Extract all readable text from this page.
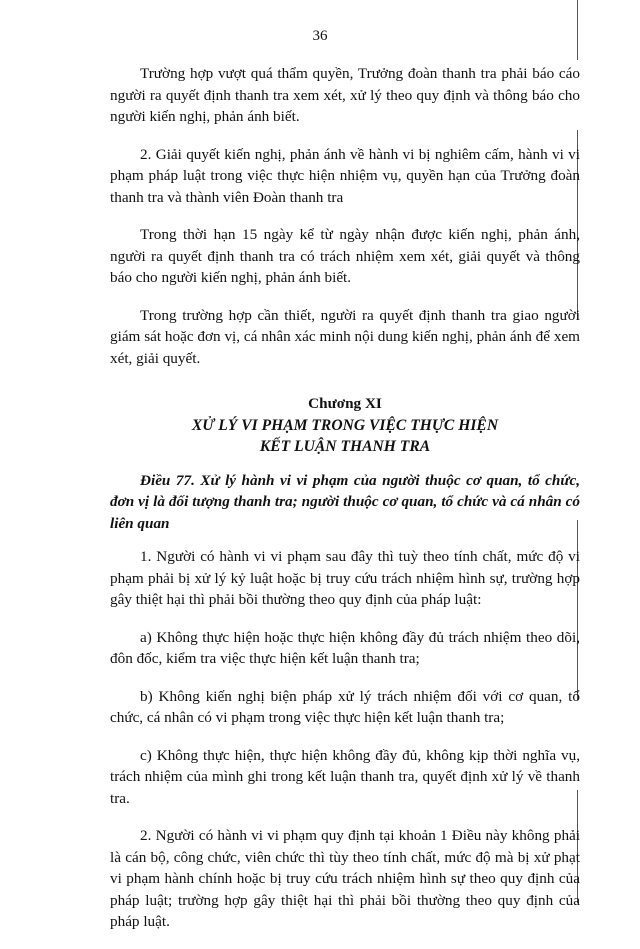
36

Trường hợp vượt quá thẩm quyền, Trưởng đoàn thanh tra phải báo cáo người ra quyết định thanh tra xem xét, xử lý theo quy định và thông báo cho người kiến nghị, phản ánh biết.

2. Giải quyết kiến nghị, phản ánh về hành vi bị nghiêm cấm, hành vi vi phạm pháp luật trong việc thực hiện nhiệm vụ, quyền hạn của Trưởng đoàn thanh tra và thành viên Đoàn thanh tra

Trong thời hạn 15 ngày kể từ ngày nhận được kiến nghị, phản ánh, người ra quyết định thanh tra có trách nhiệm xem xét, giải quyết và thông báo cho người kiến nghị, phản ánh biết.

Trong trường hợp cần thiết, người ra quyết định thanh tra giao người giám sát hoặc đơn vị, cá nhân xác minh nội dung kiến nghị, phản ánh để xem xét, giải quyết.

Chương XI
XỬ LÝ VI PHẠM TRONG VIỆC THỰC HIỆN
KẾT LUẬN THANH TRA

Điều 77. Xử lý hành vi vi phạm của người thuộc cơ quan, tổ chức, đơn vị là đối tượng thanh tra; người thuộc cơ quan, tổ chức và cá nhân có liên quan

1. Người có hành vi vi phạm sau đây thì tuỳ theo tính chất, mức độ vi phạm phải bị xử lý kỷ luật hoặc bị truy cứu trách nhiệm hình sự, trường hợp gây thiệt hại thì phải bồi thường theo quy định của pháp luật:

a) Không thực hiện hoặc thực hiện không đầy đủ trách nhiệm theo dõi, đôn đốc, kiểm tra việc thực hiện kết luận thanh tra;

b) Không kiến nghị biện pháp xử lý trách nhiệm đối với cơ quan, tổ chức, cá nhân có vi phạm trong việc thực hiện kết luận thanh tra;

c) Không thực hiện, thực hiện không đầy đủ, không kịp thời nghĩa vụ, trách nhiệm của mình ghi trong kết luận thanh tra, quyết định xử lý về thanh tra.

2. Người có hành vi vi phạm quy định tại khoản 1 Điều này không phải là cán bộ, công chức, viên chức thì tùy theo tính chất, mức độ mà bị xử phạt vi phạm hành chính hoặc bị truy cứu trách nhiệm hình sự theo quy định của pháp luật; trường hợp gây thiệt hại thì phải bồi thường theo quy định của pháp luật.
